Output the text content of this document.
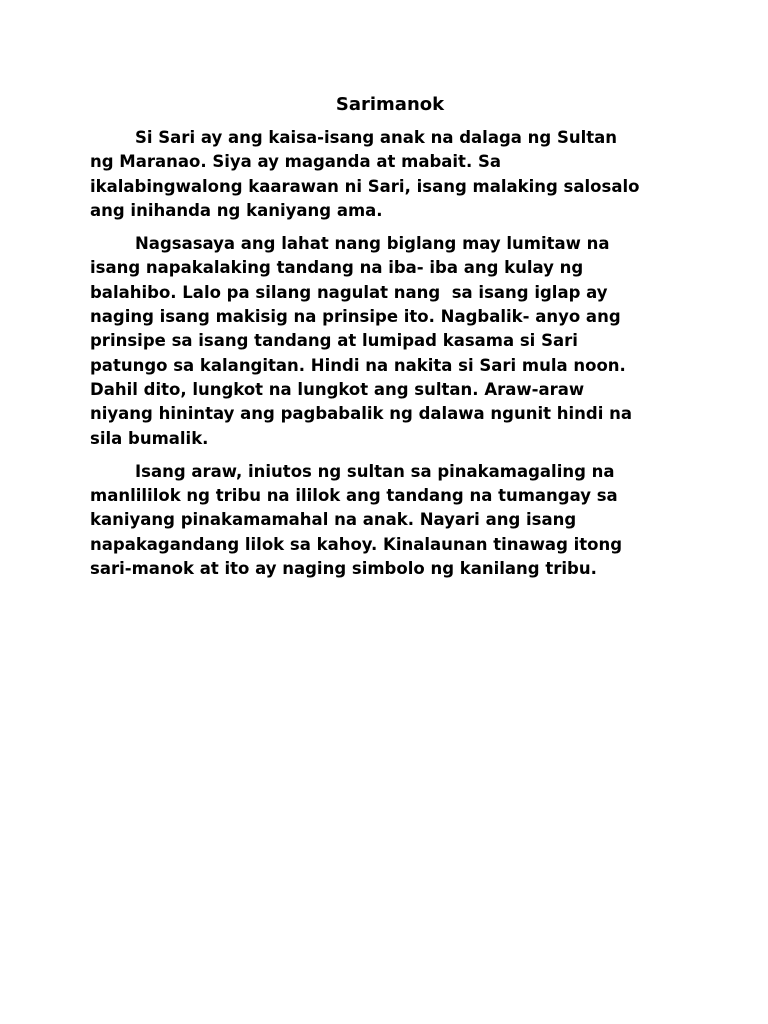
Sarimanok
Si Sari ay ang kaisa-isang anak na dalaga ng Sultan
ng Maranao. Siya ay maganda at mabait. Sa
ikalabingwalong kaarawan ni Sari, isang malaking salosalo
ang inihanda ng kaniyang ama.
Nagsasaya ang lahat nang biglang may lumitaw na
isang napakalaking tandang na iba- iba ang kulay ng
balahibo. Lalo pa silang nagulat nang  sa isang iglap ay
naging isang makisig na prinsipe ito. Nagbalik- anyo ang
prinsipe sa isang tandang at lumipad kasama si Sari
patungo sa kalangitan. Hindi na nakita si Sari mula noon.
Dahil dito, lungkot na lungkot ang sultan. Araw-araw
niyang hinintay ang pagbabalik ng dalawa ngunit hindi na
sila bumalik.
Isang araw, iniutos ng sultan sa pinakamagaling na
manlililok ng tribu na ililok ang tandang na tumangay sa
kaniyang pinakamamahal na anak. Nayari ang isang
napakagandang lilok sa kahoy. Kinalaunan tinawag itong
sari-manok at ito ay naging simbolo ng kanilang tribu.
